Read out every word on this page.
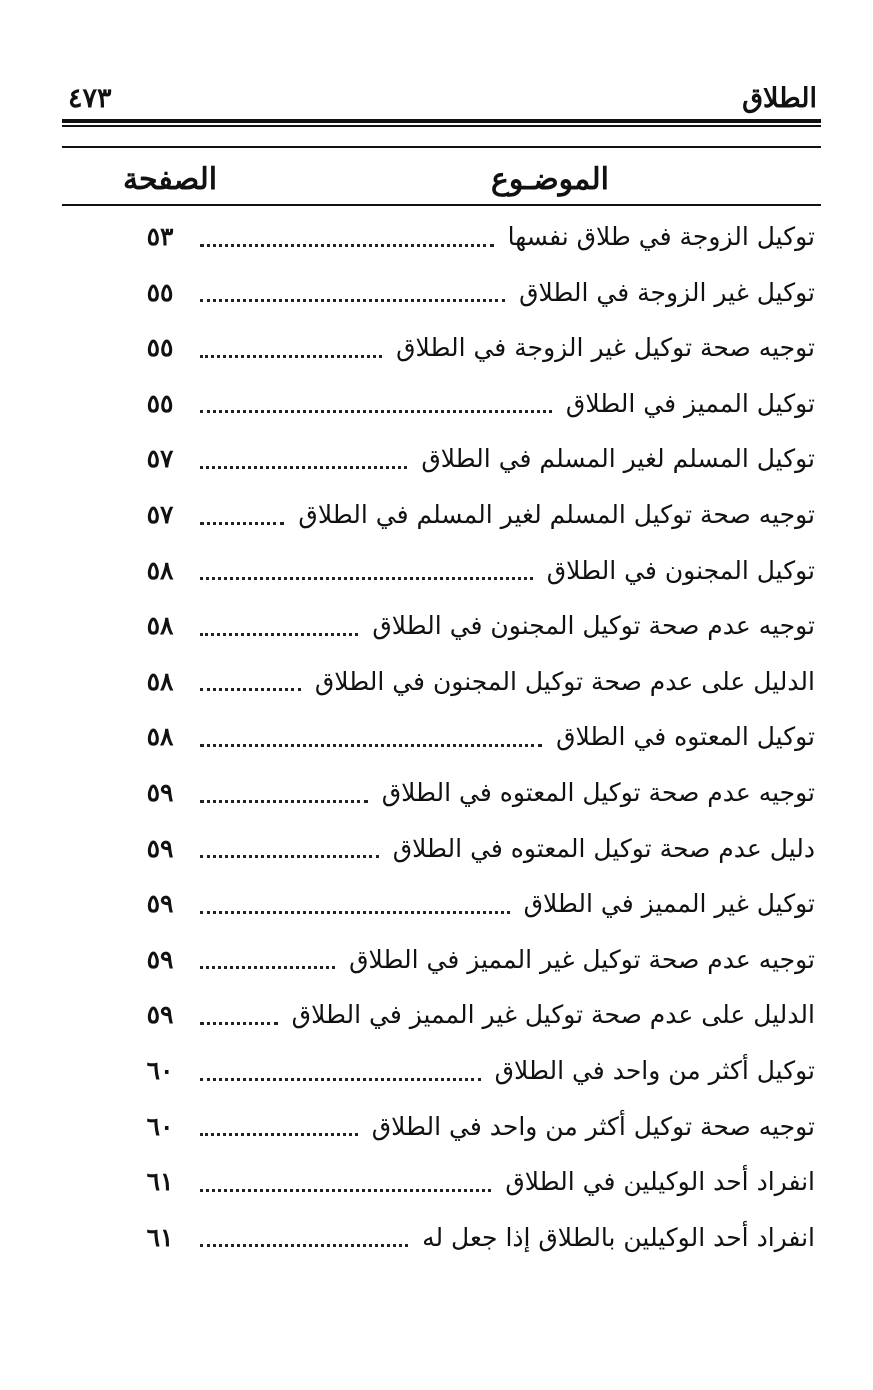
الطلاق
٤٧٣
الموضـوع
الصفحة
توكيل الزوجة في طلاق نفسها
٥٣
توكيل غير الزوجة في الطلاق
٥٥
توجيه صحة توكيل غير الزوجة في الطلاق
٥٥
توكيل المميز في الطلاق
٥٥
توكيل المسلم لغير المسلم في الطلاق
٥٧
توجيه صحة توكيل المسلم لغير المسلم في الطلاق
٥٧
توكيل المجنون في الطلاق
٥٨
توجيه عدم صحة توكيل المجنون في الطلاق
٥٨
الدليل على عدم صحة توكيل المجنون في الطلاق
٥٨
توكيل المعتوه في الطلاق
٥٨
توجيه عدم صحة توكيل المعتوه في الطلاق
٥٩
دليل عدم صحة توكيل المعتوه في الطلاق
٥٩
توكيل غير المميز في الطلاق
٥٩
توجيه عدم صحة توكيل غير المميز في الطلاق
٥٩
الدليل على عدم صحة توكيل غير المميز في الطلاق
٥٩
توكيل أكثر من واحد في الطلاق
٦٠
توجيه صحة توكيل أكثر من واحد في الطلاق
٦٠
انفراد أحد الوكيلين في الطلاق
٦١
انفراد أحد الوكيلين بالطلاق إذا جعل له
٦١
